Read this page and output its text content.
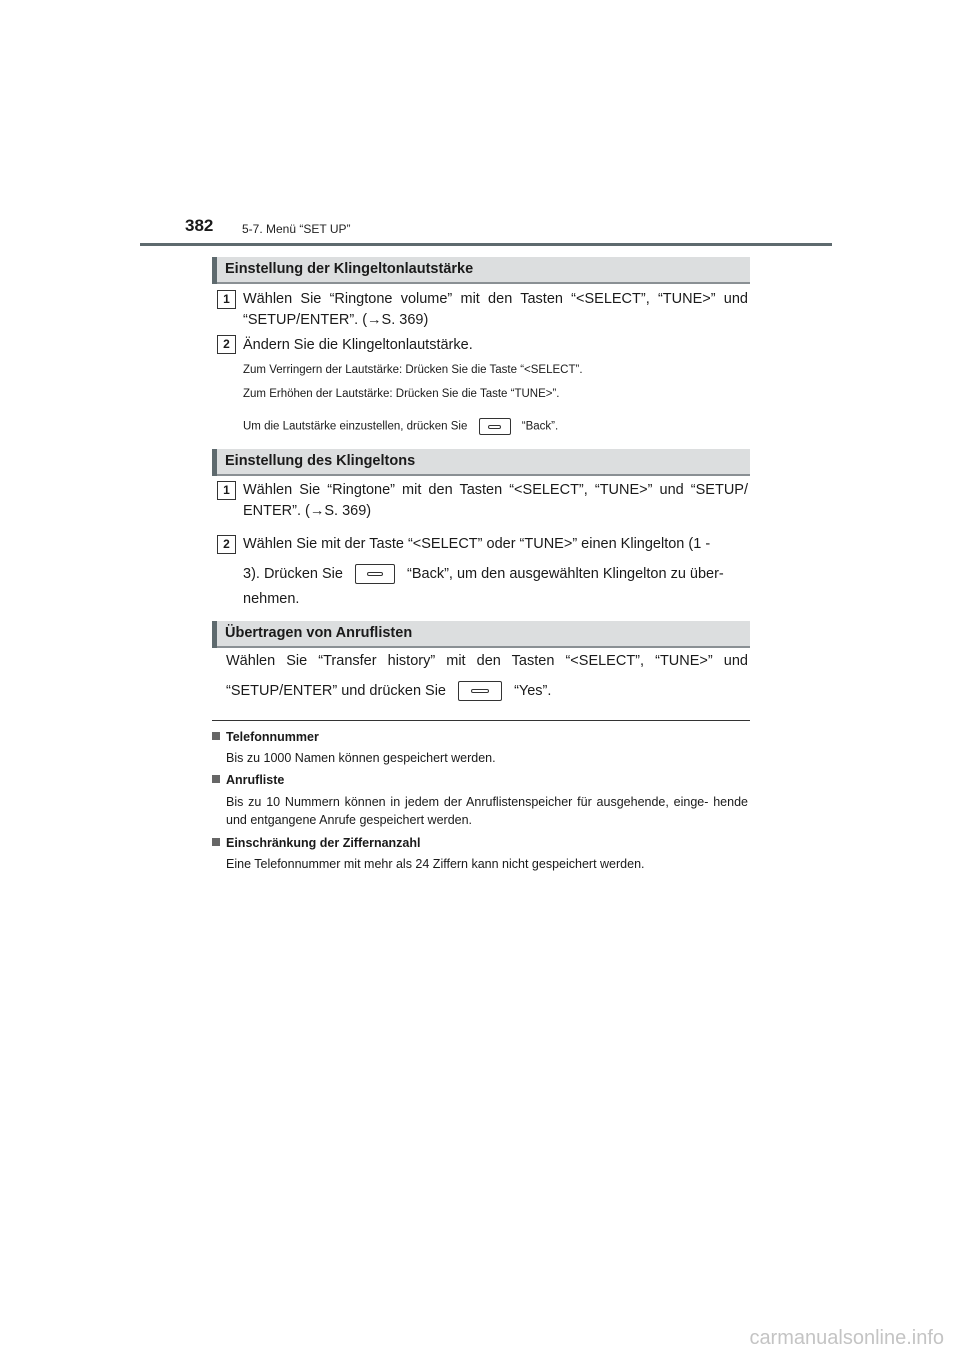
382 5-7. Menü “SET UP”
Einstellung der Klingeltonlautstärke
1 Wählen Sie “Ringtone volume” mit den Tasten “<SELECT”, “TUNE>” und “SETUP/ENTER”. (→S. 369)
2 Ändern Sie die Klingeltonlautstärke.
Zum Verringern der Lautstärke: Drücken Sie die Taste “<SELECT”.
Zum Erhöhen der Lautstärke: Drücken Sie die Taste “TUNE>”.
Um die Lautstärke einzustellen, drücken Sie	“Back”.
Einstellung des Klingeltons
1 Wählen Sie “Ringtone” mit den Tasten “<SELECT”, “TUNE>” und “SETUP/ ENTER”. (→S. 369)
2 Wählen Sie mit der Taste “<SELECT” oder “TUNE>” einen Klingelton (1 -
3). Drücken Sie	“Back”, um den ausgewählten Klingelton zu über-
nehmen.
Übertragen von Anruflisten
Wählen Sie “Transfer history” mit den Tasten “<SELECT”, “TUNE>” und
“SETUP/ENTER” und drücken Sie	“Yes”.
Telefonnummer
Bis zu 1000 Namen können gespeichert werden.
Anrufliste
Bis zu 10 Nummern können in jedem der Anruflistenspeicher für ausgehende, einge- hende und entgangene Anrufe gespeichert werden.
Einschränkung der Ziffernanzahl
Eine Telefonnummer mit mehr als 24 Ziffern kann nicht gespeichert werden.
carmanualsonline.info
